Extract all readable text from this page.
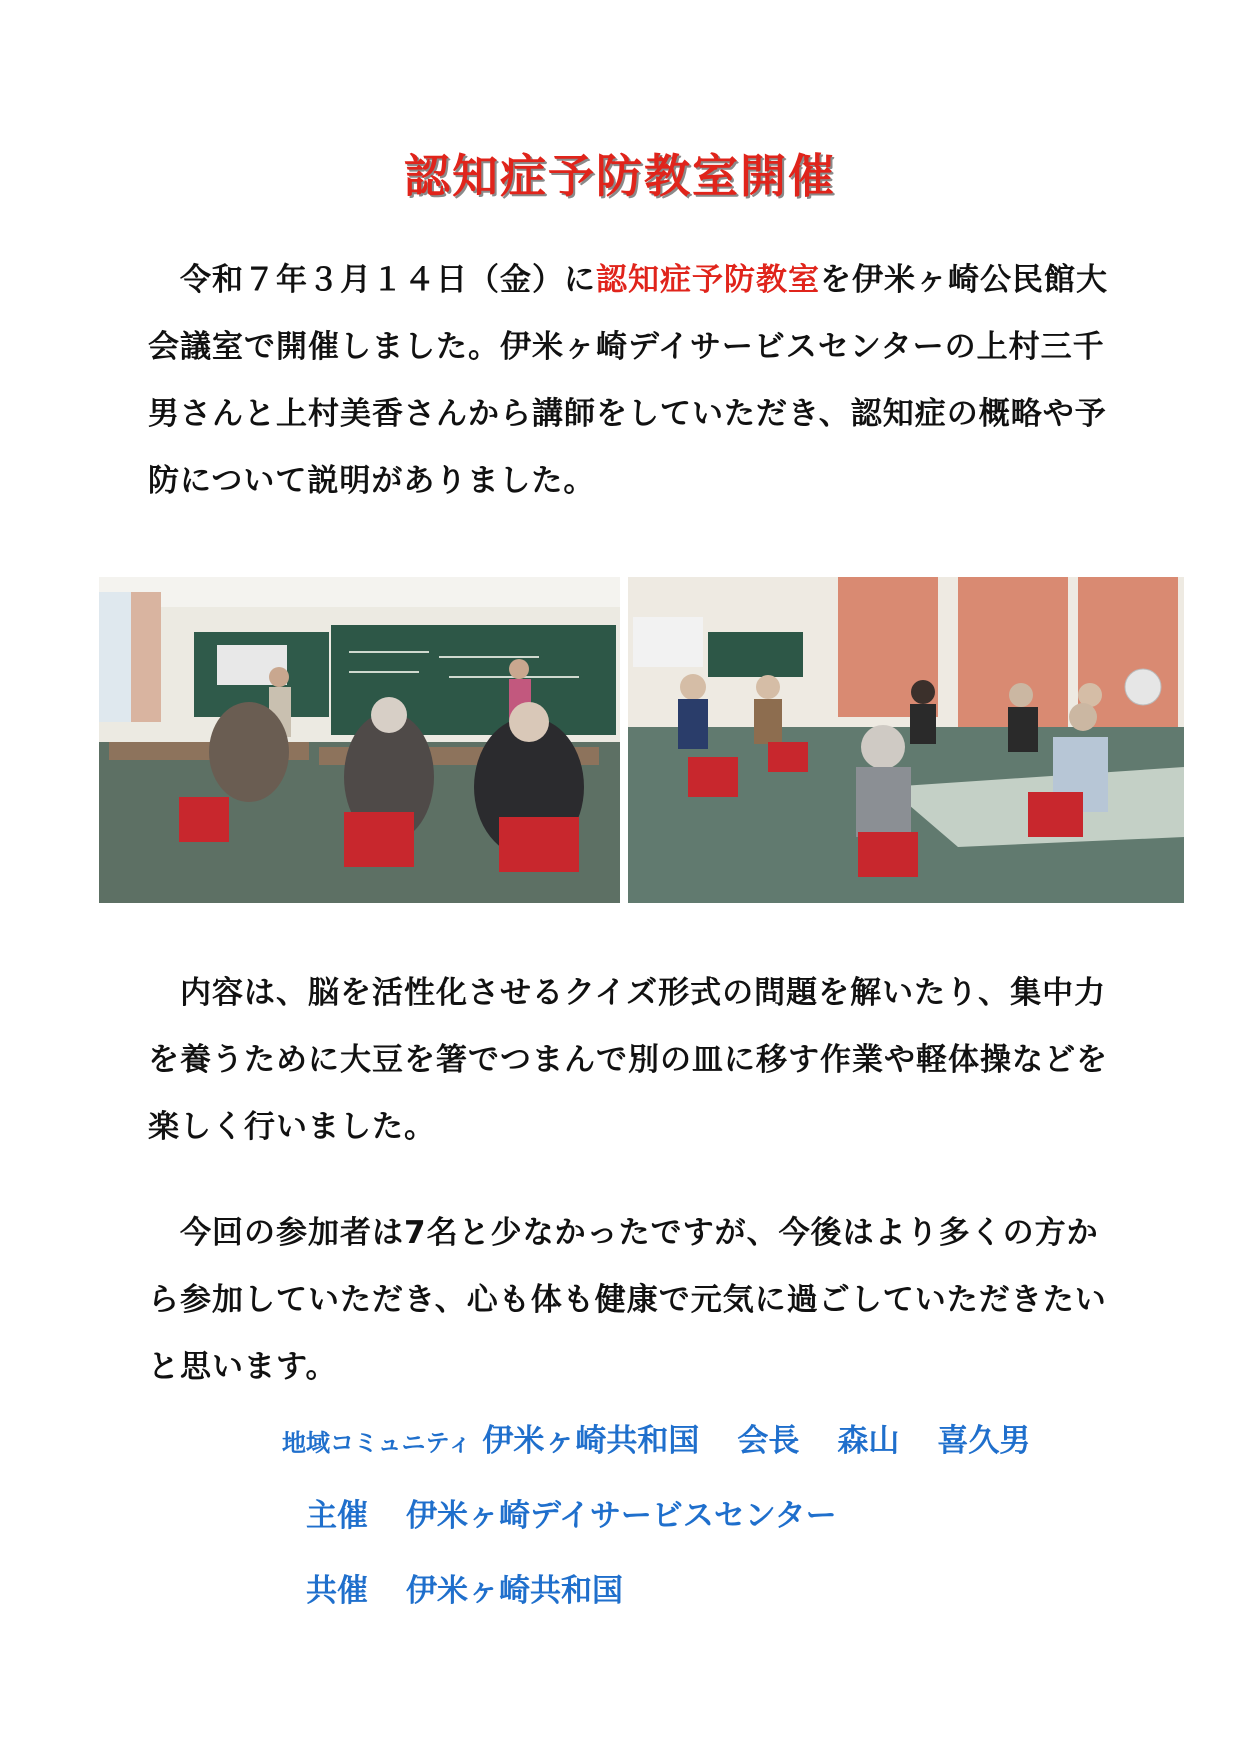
認知症予防教室開催
令和７年３月１４日（金）に認知症予防教室を伊米ヶ崎公民館大会議室で開催しました。伊米ヶ崎デイサービスセンターの上村三千男さんと上村美香さんから講師をしていただき、認知症の概略や予防について説明がありました。
内容は、脳を活性化させるクイズ形式の問題を解いたり、集中力を養うために大豆を箸でつまんで別の皿に移す作業や軽体操などを楽しく行いました。
今回の参加者は7名と少なかったですが、今後はより多くの方から参加していただき、心も体も健康で元気に過ごしていただきたいと思います。
地域コミュニティ 伊米ヶ崎共和国 会長 森山 喜久男
主催 伊米ヶ崎デイサービスセンター
共催 伊米ヶ崎共和国
